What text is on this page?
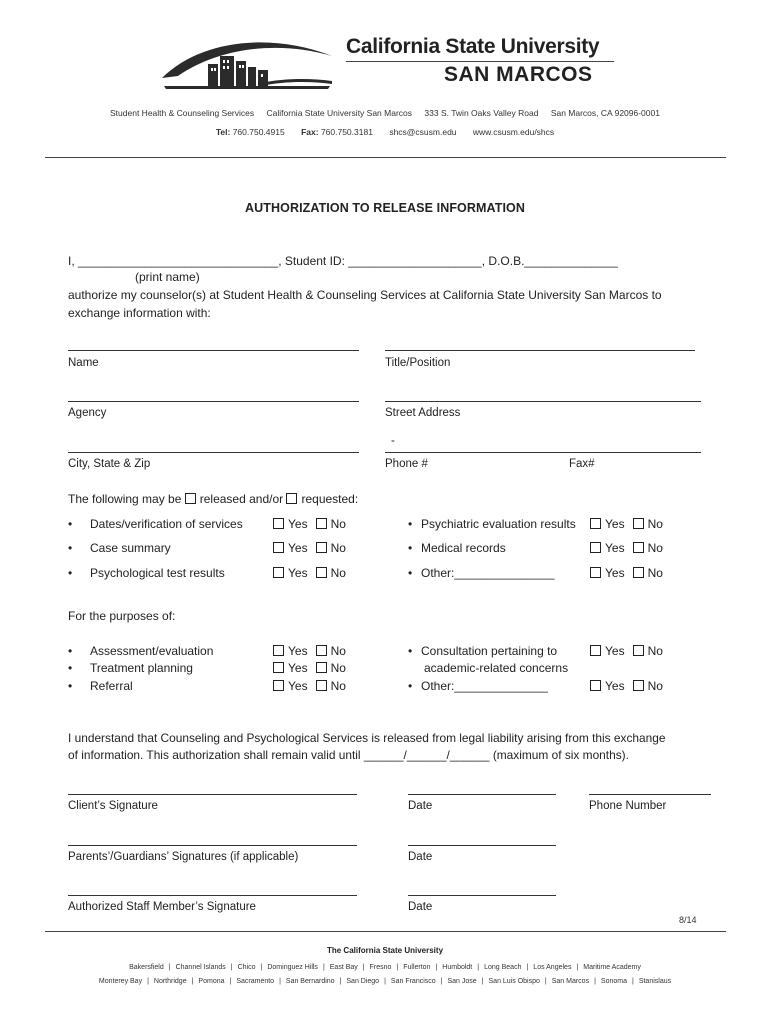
California State University
SAN MARCOS
Student Health & Counseling Services California State University San Marcos 333 S. Twin Oaks Valley Road San Marcos, CA 92096-0001
Tel: 760.750.4915 Fax: 760.750.3181 shcs@csusm.edu www.csusm.edu/shcs
AUTHORIZATION TO RELEASE INFORMATION
I, ______________________________, Student ID: ____________________, D.O.B.______________
(print name)
authorize my counselor(s) at Student Health & Counseling Services at California State University San Marcos to
exchange information with:
Name	Title/Position
Agency	Street Address
-
City, State & Zip	Phone #	Fax#
The following may be released and/or requested:
• Dates/verification of services	Yes No
• Case summary	Yes No
• Psychological test results	Yes No
• Psychiatric evaluation results	Yes No
• Medical records	Yes No
• Other:_______________	Yes No
For the purposes of:
• Assessment/evaluation	Yes No
• Treatment planning	Yes No
• Referral	Yes No
• Consultation pertaining to
academic-related concerns
Yes No
• Other:______________	Yes No
I understand that Counseling and Psychological Services is released from legal liability arising from this exchange
of information. This authorization shall remain valid until ______/______/______ (maximum of six months).
Client’s Signature	Date	Phone Number
Parents’/Guardians’ Signatures (if applicable)	Date
Authorized Staff Member’s Signature	Date
8/14
The California State University
Bakersfield | Channel Islands | Chico | Dominguez Hills | East Bay | Fresno | Fullerton | Humboldt | Long Beach | Los Angeles | Maritime Academy
Monterey Bay | Northridge | Pomona | Sacramento | San Bernardino | San Diego | San Francisco | San Jose | San Luis Obispo | San Marcos | Sonoma | Stanislaus
